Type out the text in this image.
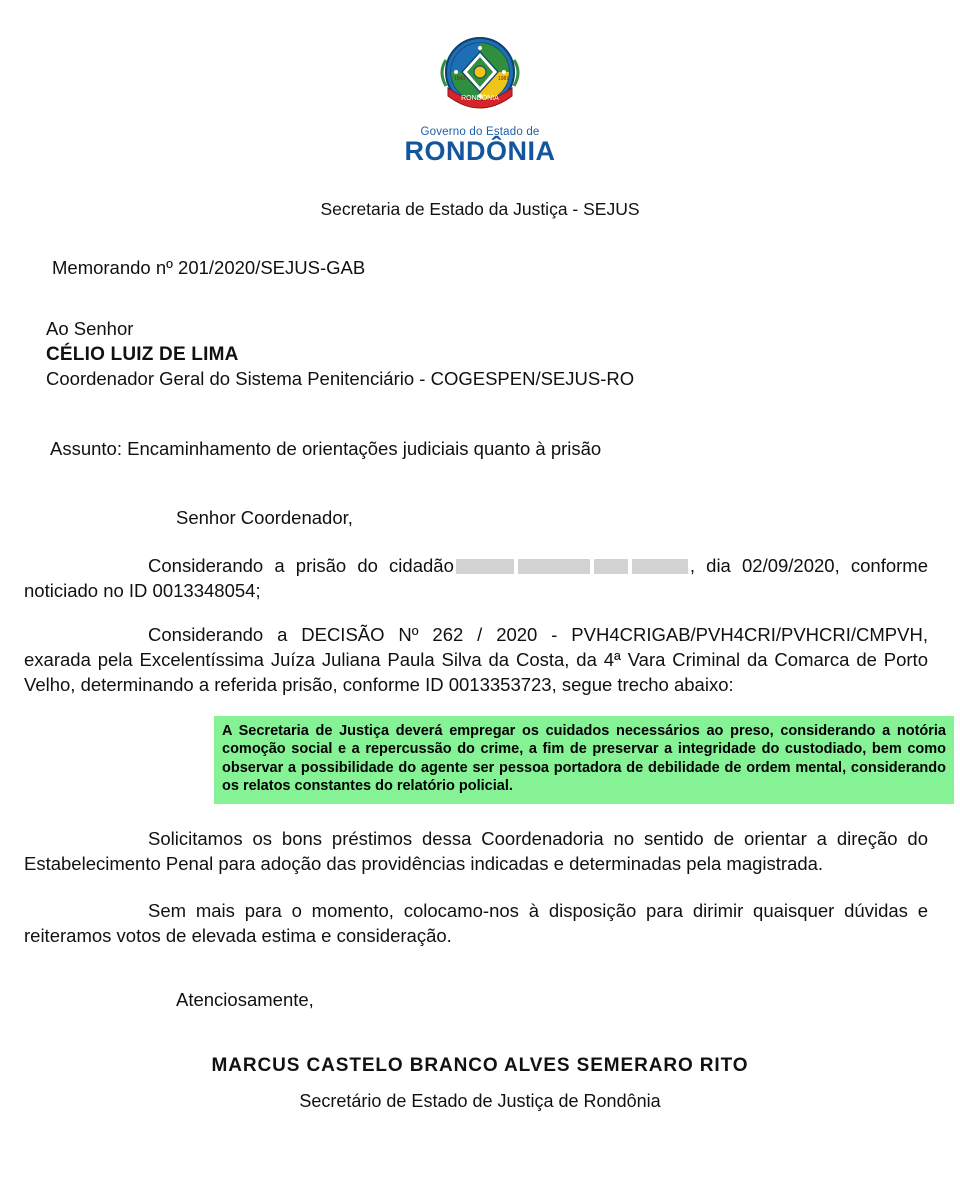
RONDÔNIA
1943	1981
Governo do Estado de
RONDÔNIA
Secretaria de Estado da Justiça - SEJUS
Memorando nº 201/2020/SEJUS-GAB
Ao Senhor
CÉLIO LUIZ DE LIMA
Coordenador Geral do Sistema Penitenciário - COGESPEN/SEJUS-RO
Assunto: Encaminhamento de orientações judiciais quanto à prisão
Senhor Coordenador,

Considerando a prisão do cidadão	, dia 02/09/2020, conforme noticiado no ID 0013348054;

Considerando a DECISÃO Nº 262 / 2020 - PVH4CRIGAB/PVH4CRI/PVHCRI/CMPVH, exarada pela Excelentíssima Juíza Juliana Paula Silva da Costa, da 4ª Vara Criminal da Comarca de Porto Velho, determinando a referida prisão, conforme ID 0013353723, segue trecho abaixo:

A Secretaria de Justiça deverá empregar os cuidados necessários ao preso, considerando a notória comoção social e a repercussão do crime, a fim de preservar a integridade do custodiado, bem como observar a possibilidade do agente ser pessoa portadora de debilidade de ordem mental, considerando os relatos constantes do relatório policial.

Solicitamos os bons préstimos dessa Coordenadoria no sentido de orientar a direção do Estabelecimento Penal para adoção das providências indicadas e determinadas pela magistrada.

Sem mais para o momento, colocamo-nos à disposição para dirimir quaisquer dúvidas e reiteramos votos de elevada estima e consideração.

Atenciosamente,
MARCUS CASTELO BRANCO ALVES SEMERARO RITO
Secretário de Estado de Justiça de Rondônia
